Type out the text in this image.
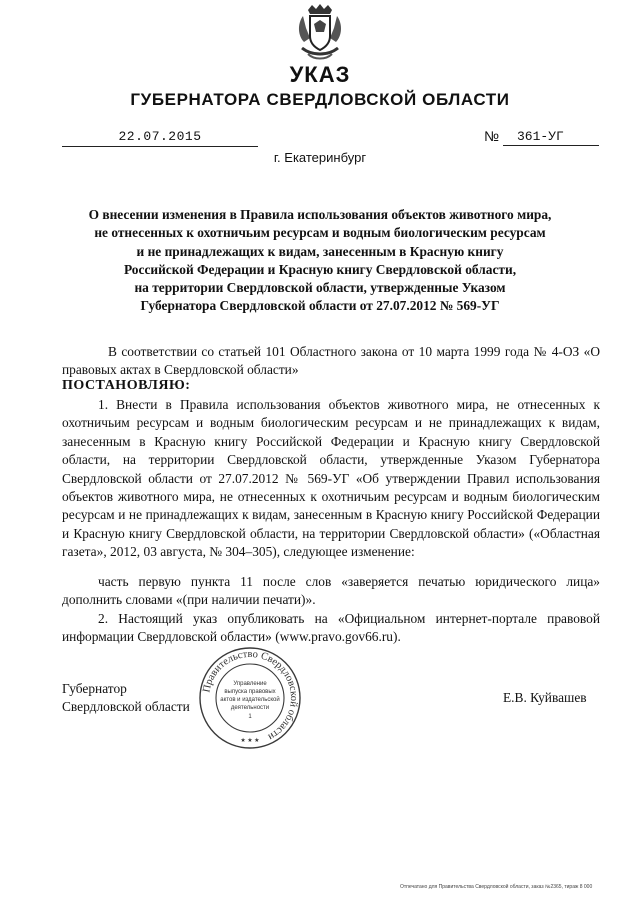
УКАЗ
ГУБЕРНАТОРА СВЕРДЛОВСКОЙ ОБЛАСТИ
22.07.2015	№	361-УГ
г. Екатеринбург
О внесении изменения в Правила использования объектов животного мира,
не отнесенных к охотничьим ресурсам и водным биологическим ресурсам
и не принадлежащих к видам, занесенным в Красную книгу
Российской Федерации и Красную книгу Свердловской области,
на территории Свердловской области, утвержденные Указом
Губернатора Свердловской области от 27.07.2012 № 569-УГ
В соответствии со статьей 101 Областного закона от 10 марта 1999 года № 4-ОЗ «О правовых актах в Свердловской области»
ПОСТАНОВЛЯЮ:
1. Внести в Правила использования объектов животного мира, не отнесенных к охотничьим ресурсам и водным биологическим ресурсам и не принадлежащих к видам, занесенным в Красную книгу Российской Федерации и Красную книгу Свердловской области, на территории Свердловской области, утвержденные Указом Губернатора Свердловской области от 27.07.2012 № 569-УГ «Об утверждении Правил использования объектов животного мира, не отнесенных к охотничьим ресурсам и водным биологическим ресурсам и не принадлежащих к видам, занесенным в Красную книгу Российской Федерации и Красную книгу Свердловской области, на территории Свердловской области» («Областная газета», 2012, 03 августа, № 304–305), следующее изменение:
часть первую пункта 11 после слов «заверяется печатью юридического лица» дополнить словами «(при наличии печати)».
2. Настоящий указ опубликовать на «Официальном интернет-портале правовой информации Свердловской области» (www.pravo.gov66.ru).
Губернатор
Свердловской области
Правительство Свердловской области
Управление
выпуска правовых
актов и издательской
деятельности
1
★ ★ ★
Е.В. Куйвашев
Отпечатано для Правительства Свердловской области, заказ №2365, тираж 8 000
